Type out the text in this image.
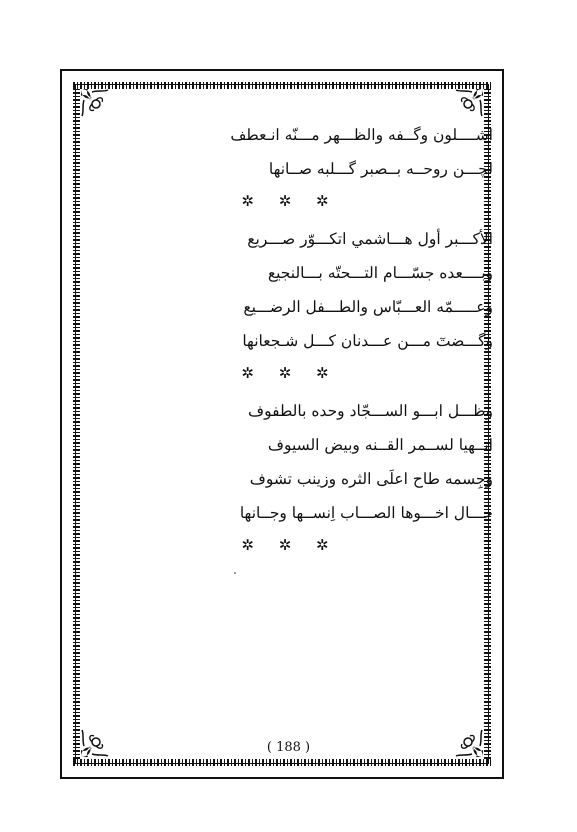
اشــــلون وگــفه والظـــهر مـــنّه انـعطف
لچـــن روحــه بــصبر گـــلبه صــانها
✲ ✲ ✲
الأكـــبر أول هـــاشمي اتكـــوّر صـــريع
وبــــعده جسّـــام التـــحتّه بـــالنجيع
وعـــــمّه العـــبّاس والطـــفل الرضـــيع
وگـــضتٓ مـــن عـــدنان كـــل شـجعانها
✲ ✲ ✲
وظـــل ابـــو الســـجّاد وحده بالطفوف
اتــهيا لســمر القــنه وبيض السيوف
وجِسمه طاح اعلَى الثره وزينب تشوف
حـــال اخـــوها الصـــاب اِنســها وجــانها
✲ ✲ ✲
( 188 )
